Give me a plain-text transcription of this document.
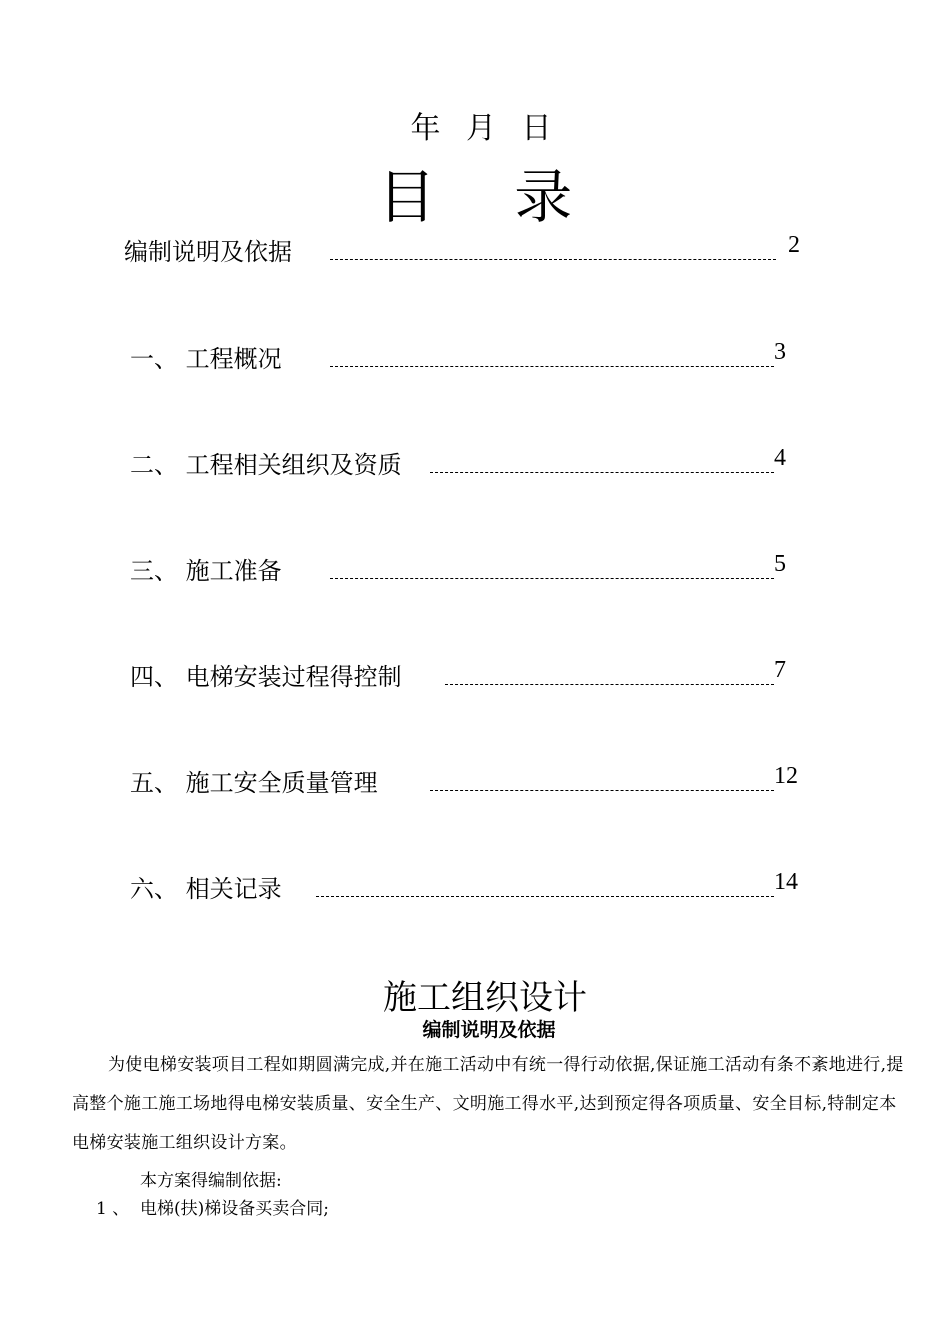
年 月 日
目 录
编制说明及依据	2
一、 工程概况	3
二、 工程相关组织及资质	4
三、 施工准备	5
四、 电梯安装过程得控制	7
五、 施工安全质量管理	12
六、 相关记录	14
施工组织设计
编制说明及依据
为使电梯安装项目工程如期圆满完成,并在施工活动中有统一得行动依据,保证施工活动有条不紊地进行,提高整个施工施工场地得电梯安装质量、安全生产、文明施工得水平,达到预定得各项质量、安全目标,特制定本电梯安装施工组织设计方案。
本方案得编制依据:
1 、 电梯(扶)梯设备买卖合同;
